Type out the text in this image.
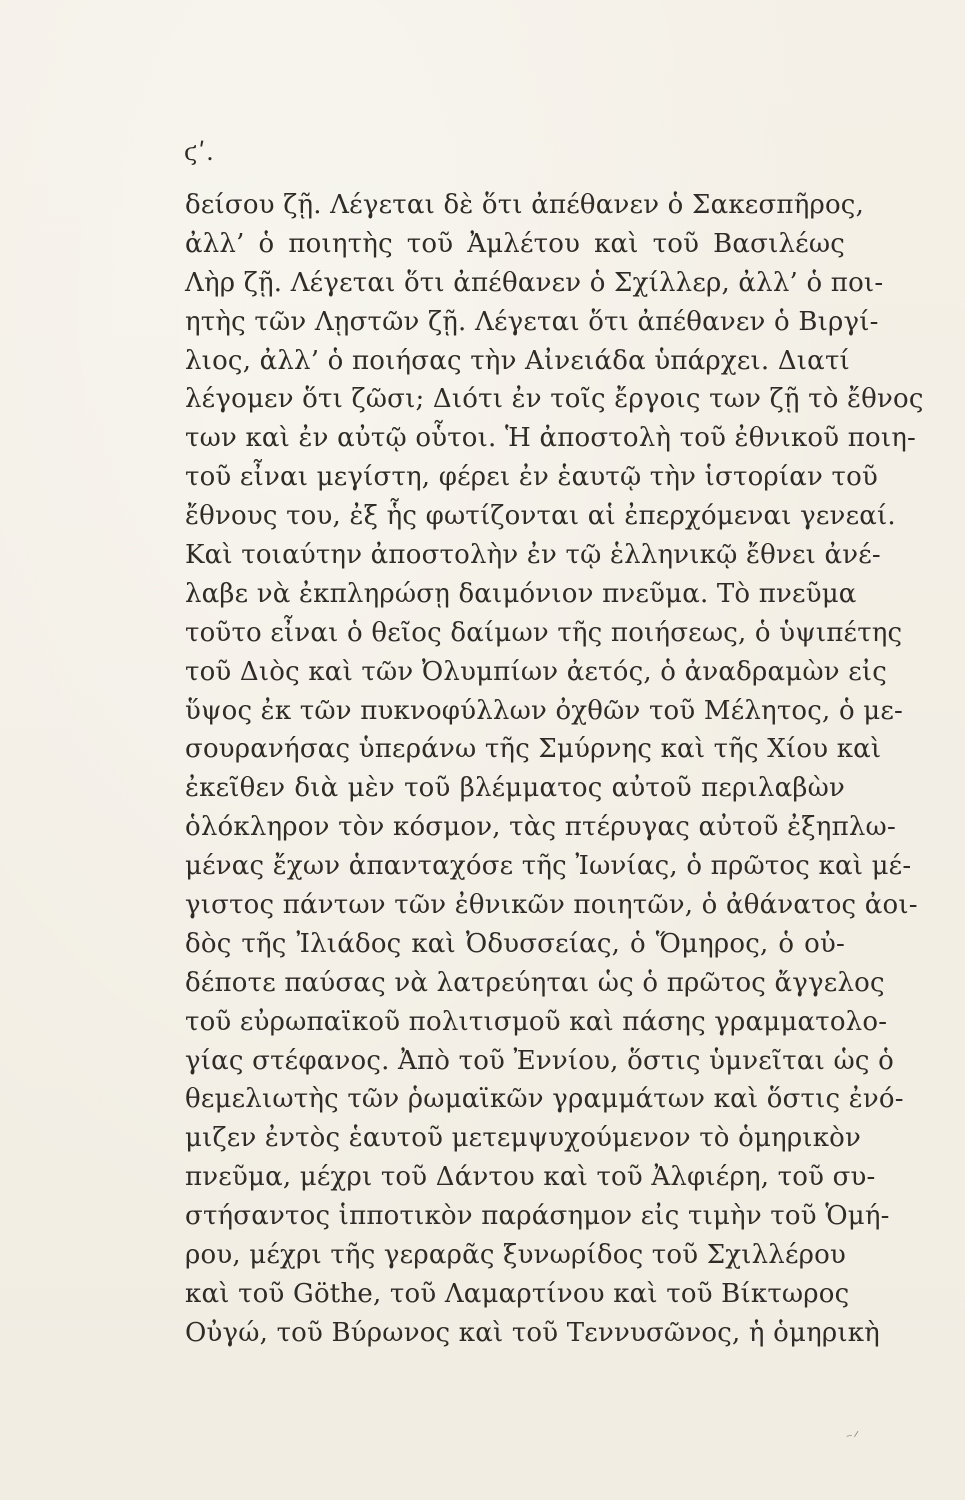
ϛʹ.
δείσου ζῇ. Λέγεται δὲ ὅτι ἀπέθανεν ὁ Σακεσπῆρος,
ἀλλ’ ὁ ποιητὴς τοῦ Ἀμλέτου καὶ τοῦ Βασιλέως
Λὴρ ζῇ. Λέγεται ὅτι ἀπέθανεν ὁ Σχίλλερ, ἀλλ’ ὁ ποι-
ητὴς τῶν Λῃστῶν ζῇ. Λέγεται ὅτι ἀπέθανεν ὁ Βιργί-
λιος, ἀλλ’ ὁ ποιήσας τὴν Αἰνειάδα ὑπάρχει. Διατί
λέγομεν ὅτι ζῶσι; Διότι ἐν τοῖς ἔργοις των ζῇ τὸ ἔθνος
των καὶ ἐν αὐτῷ οὗτοι. Ἡ ἀποστολὴ τοῦ ἐθνικοῦ ποιη-
τοῦ εἶναι μεγίστη, φέρει ἐν ἑαυτῷ τὴν ἱστορίαν τοῦ
ἔθνους του, ἐξ ἧς φωτίζονται αἱ ἐπερχόμεναι γενεαί.
Καὶ τοιαύτην ἀποστολὴν ἐν τῷ ἑλληνικῷ ἔθνει ἀνέ-
λαβε νὰ ἐκπληρώσῃ δαιμόνιον πνεῦμα. Τὸ πνεῦμα
τοῦτο εἶναι ὁ θεῖος δαίμων τῆς ποιήσεως, ὁ ὑψιπέτης
τοῦ Διὸς καὶ τῶν Ὀλυμπίων ἀετός, ὁ ἀναδραμὼν εἰς
ὕψος ἐκ τῶν πυκνοφύλλων ὀχθῶν τοῦ Μέλητος, ὁ με-
σουρανήσας ὑπεράνω τῆς Σμύρνης καὶ τῆς Χίου καὶ
ἐκεῖθεν διὰ μὲν τοῦ βλέμματος αὐτοῦ περιλαβὼν
ὁλόκληρον τὸν κόσμον, τὰς πτέρυγας αὐτοῦ ἐξηπλω-
μένας ἔχων ἁπανταχόσε τῆς Ἰωνίας, ὁ πρῶτος καὶ μέ-
γιστος πάντων τῶν ἐθνικῶν ποιητῶν, ὁ ἀθάνατος ἀοι-
δὸς τῆς Ἰλιάδος καὶ Ὀδυσσείας, ὁ Ὅμηρος, ὁ οὐ-
δέποτε παύσας νὰ λατρεύηται ὡς ὁ πρῶτος ἄγγελος
τοῦ εὐρωπαϊκοῦ πολιτισμοῦ καὶ πάσης γραμματολο-
γίας στέφανος. Ἀπὸ τοῦ Ἐννίου, ὅστις ὑμνεῖται ὡς ὁ
θεμελιωτὴς τῶν ῥωμαϊκῶν γραμμάτων καὶ ὅστις ἐνό-
μιζεν ἐντὸς ἑαυτοῦ μετεμψυχούμενον τὸ ὁμηρικὸν
πνεῦμα, μέχρι τοῦ Δάντου καὶ τοῦ Ἀλφιέρη, τοῦ συ-
στήσαντος ἱπποτικὸν παράσημον εἰς τιμὴν τοῦ Ὁμή-
ρου, μέχρι τῆς γεραρᾶς ξυνωρίδος τοῦ Σχιλλέρου
καὶ τοῦ Göthe, τοῦ Λαμαρτίνου καὶ τοῦ Βίκτωρος
Οὐγώ, τοῦ Βύρωνος καὶ τοῦ Τεννυσῶνος, ἡ ὁμηρικὴ
⁻⸍
